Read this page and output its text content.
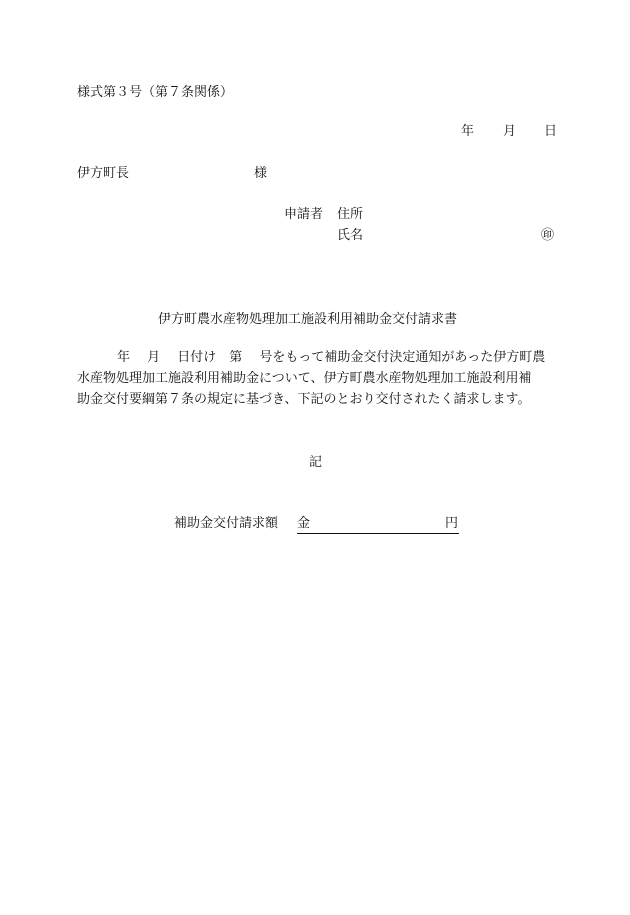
様式第３号（第７条関係）

年

月

日

伊方町長	様

申請者 住所

氏名	㊞

伊方町農水産物処理加工施設利用補助金交付請求書

年　 月 　日付け　第　 号をもって補助金交付決定通知があった伊方町農
水産物処理加工施設利用補助金について、伊方町農水産物処理加工施設利用補
助金交付要綱第７条の規定に基づき、下記のとおり交付されたく請求します。

記

補助金交付請求額 金	円
